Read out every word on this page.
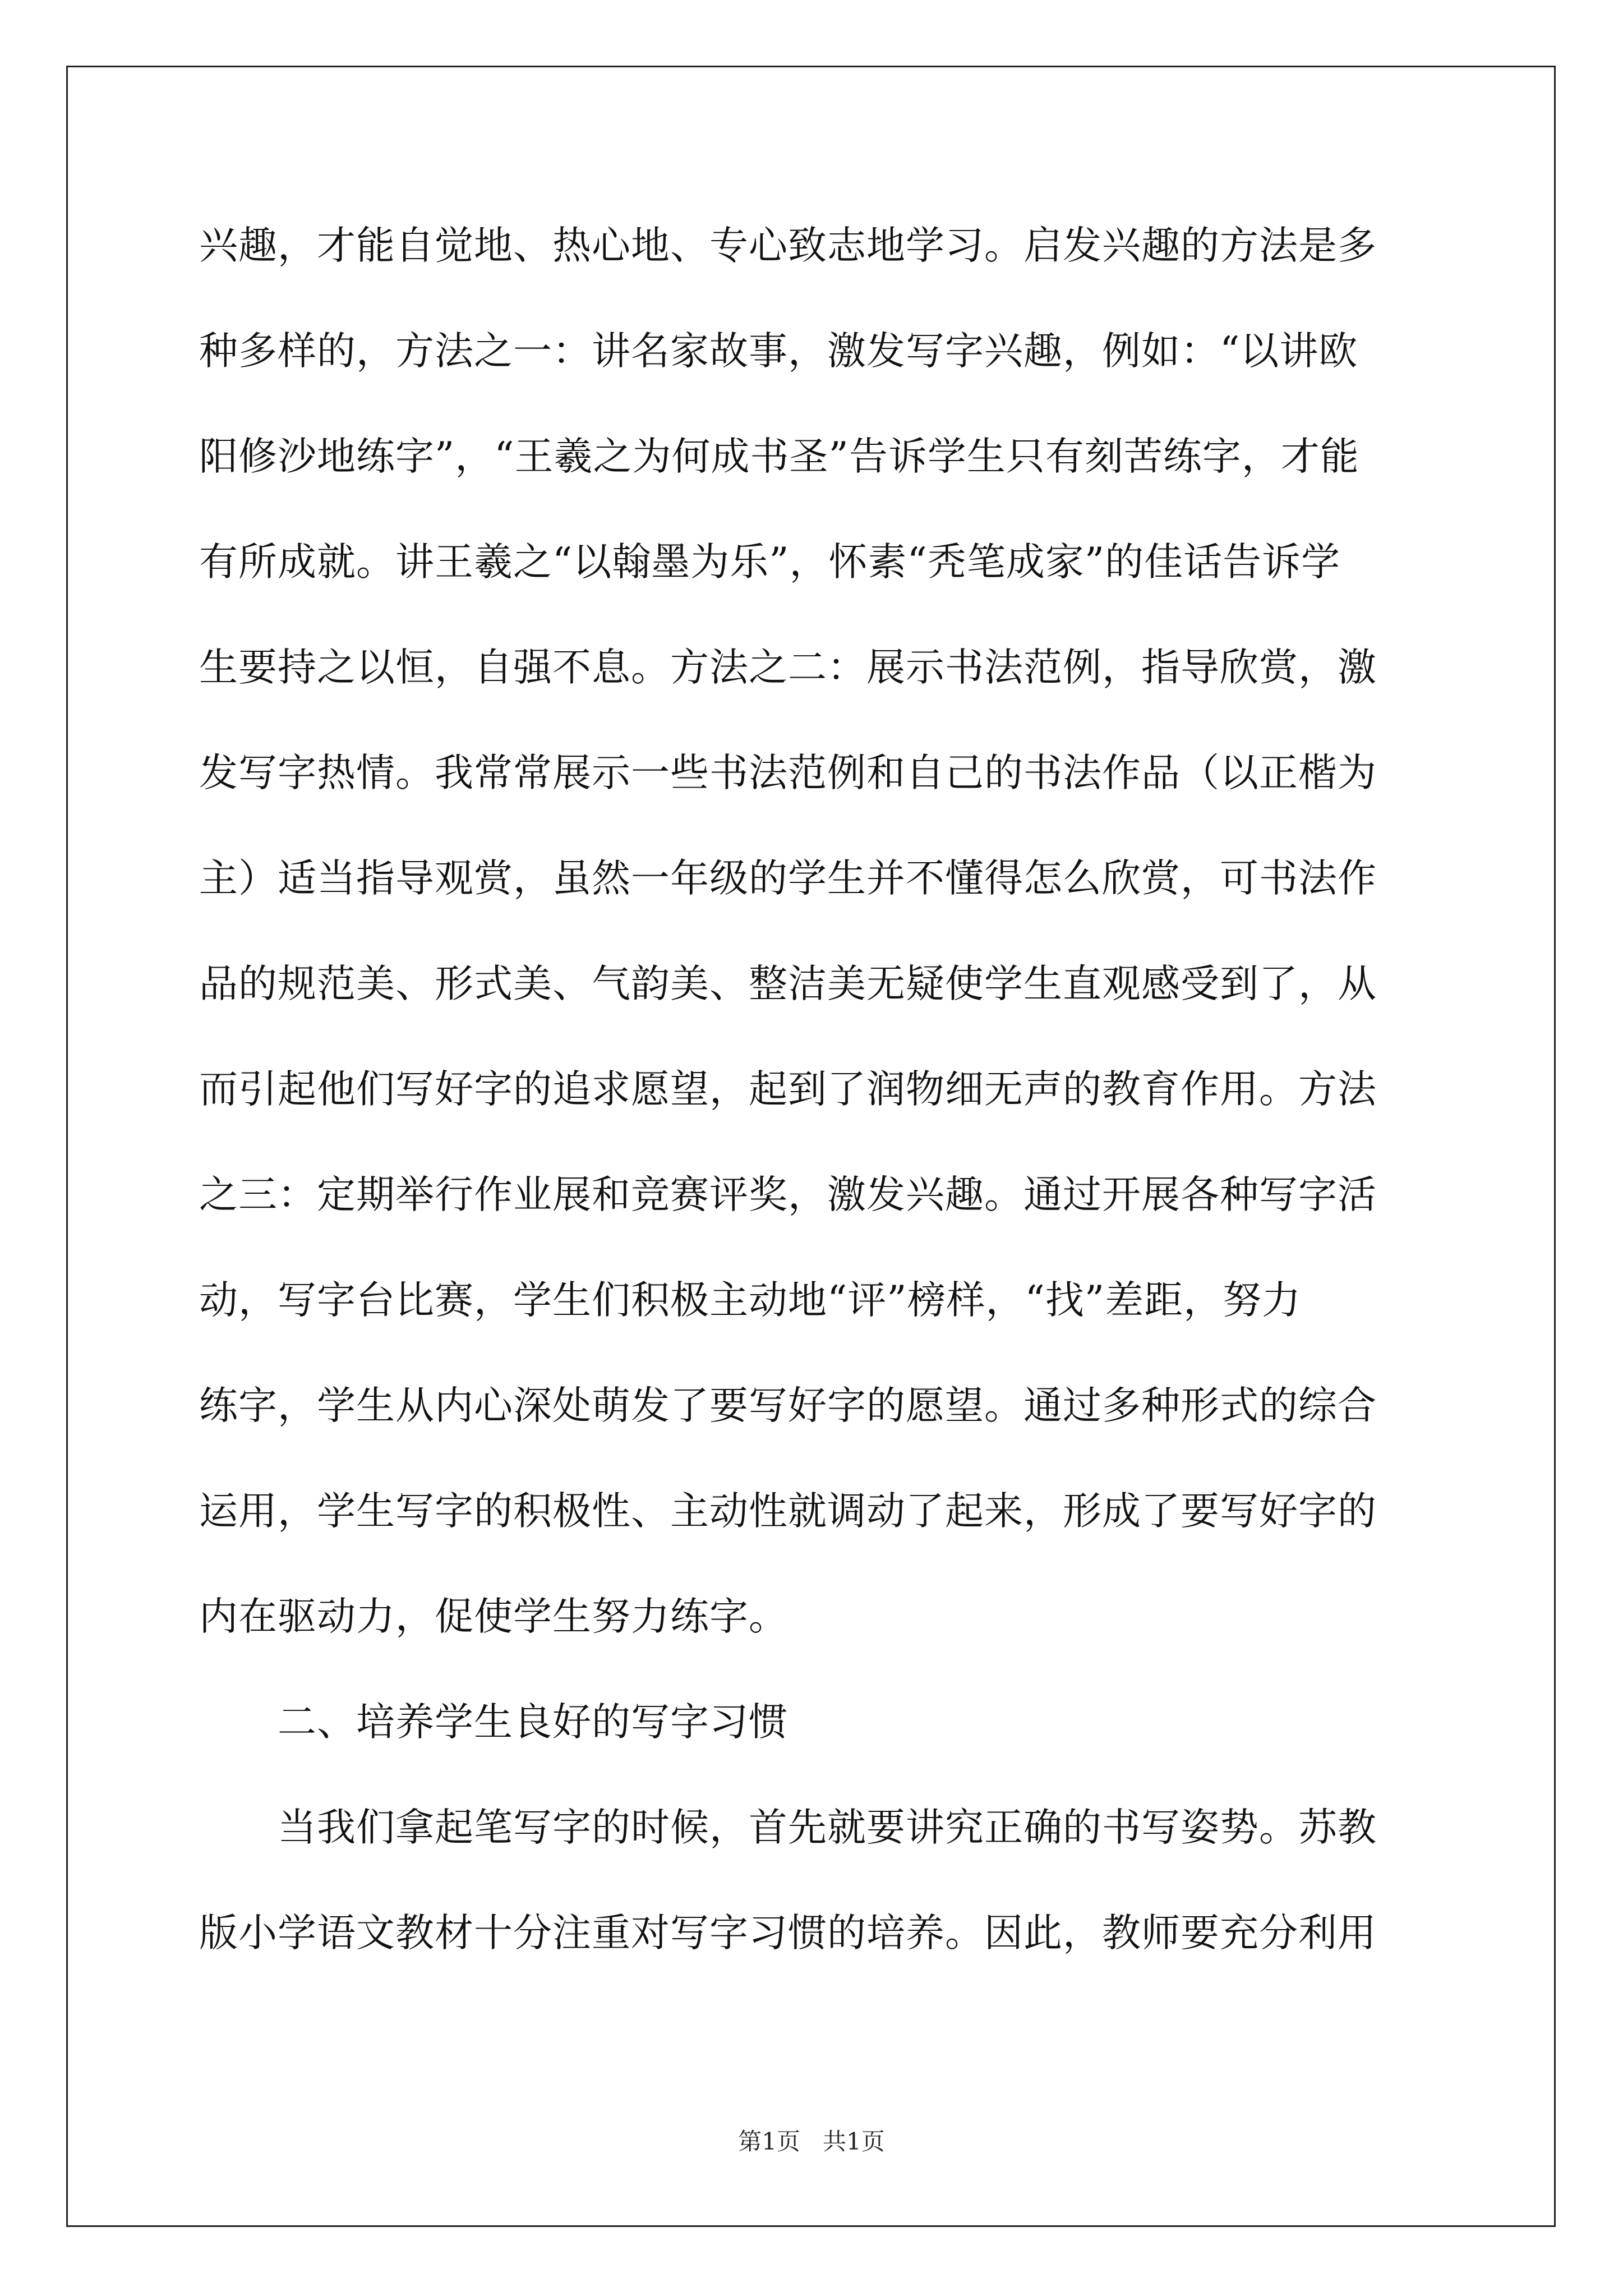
兴趣，才能自觉地、热心地、专心致志地学习。启发兴趣的方法是多
种多样的，方法之一：讲名家故事，激发写字兴趣，例如：“以讲欧
阳修沙地练字”，“王羲之为何成书圣”告诉学生只有刻苦练字，才能
有所成就。讲王羲之“以翰墨为乐”，怀素“秃笔成家”的佳话告诉学
生要持之以恒，自强不息。方法之二：展示书法范例，指导欣赏，激
发写字热情。我常常展示一些书法范例和自己的书法作品（以正楷为
主）适当指导观赏，虽然一年级的学生并不懂得怎么欣赏，可书法作
品的规范美、形式美、气韵美、整洁美无疑使学生直观感受到了，从
而引起他们写好字的追求愿望，起到了润物细无声的教育作用。方法
之三：定期举行作业展和竞赛评奖，激发兴趣。通过开展各种写字活
动，写字台比赛，学生们积极主动地“评”榜样，“找”差距，努力
练字，学生从内心深处萌发了要写好字的愿望。通过多种形式的综合
运用，学生写字的积极性、主动性就调动了起来，形成了要写好字的
内在驱动力，促使学生努力练字。
二、培养学生良好的写字习惯
当我们拿起笔写字的时候，首先就要讲究正确的书写姿势。苏教
版小学语文教材十分注重对写字习惯的培养。因此，教师要充分利用
第1页 共1页
